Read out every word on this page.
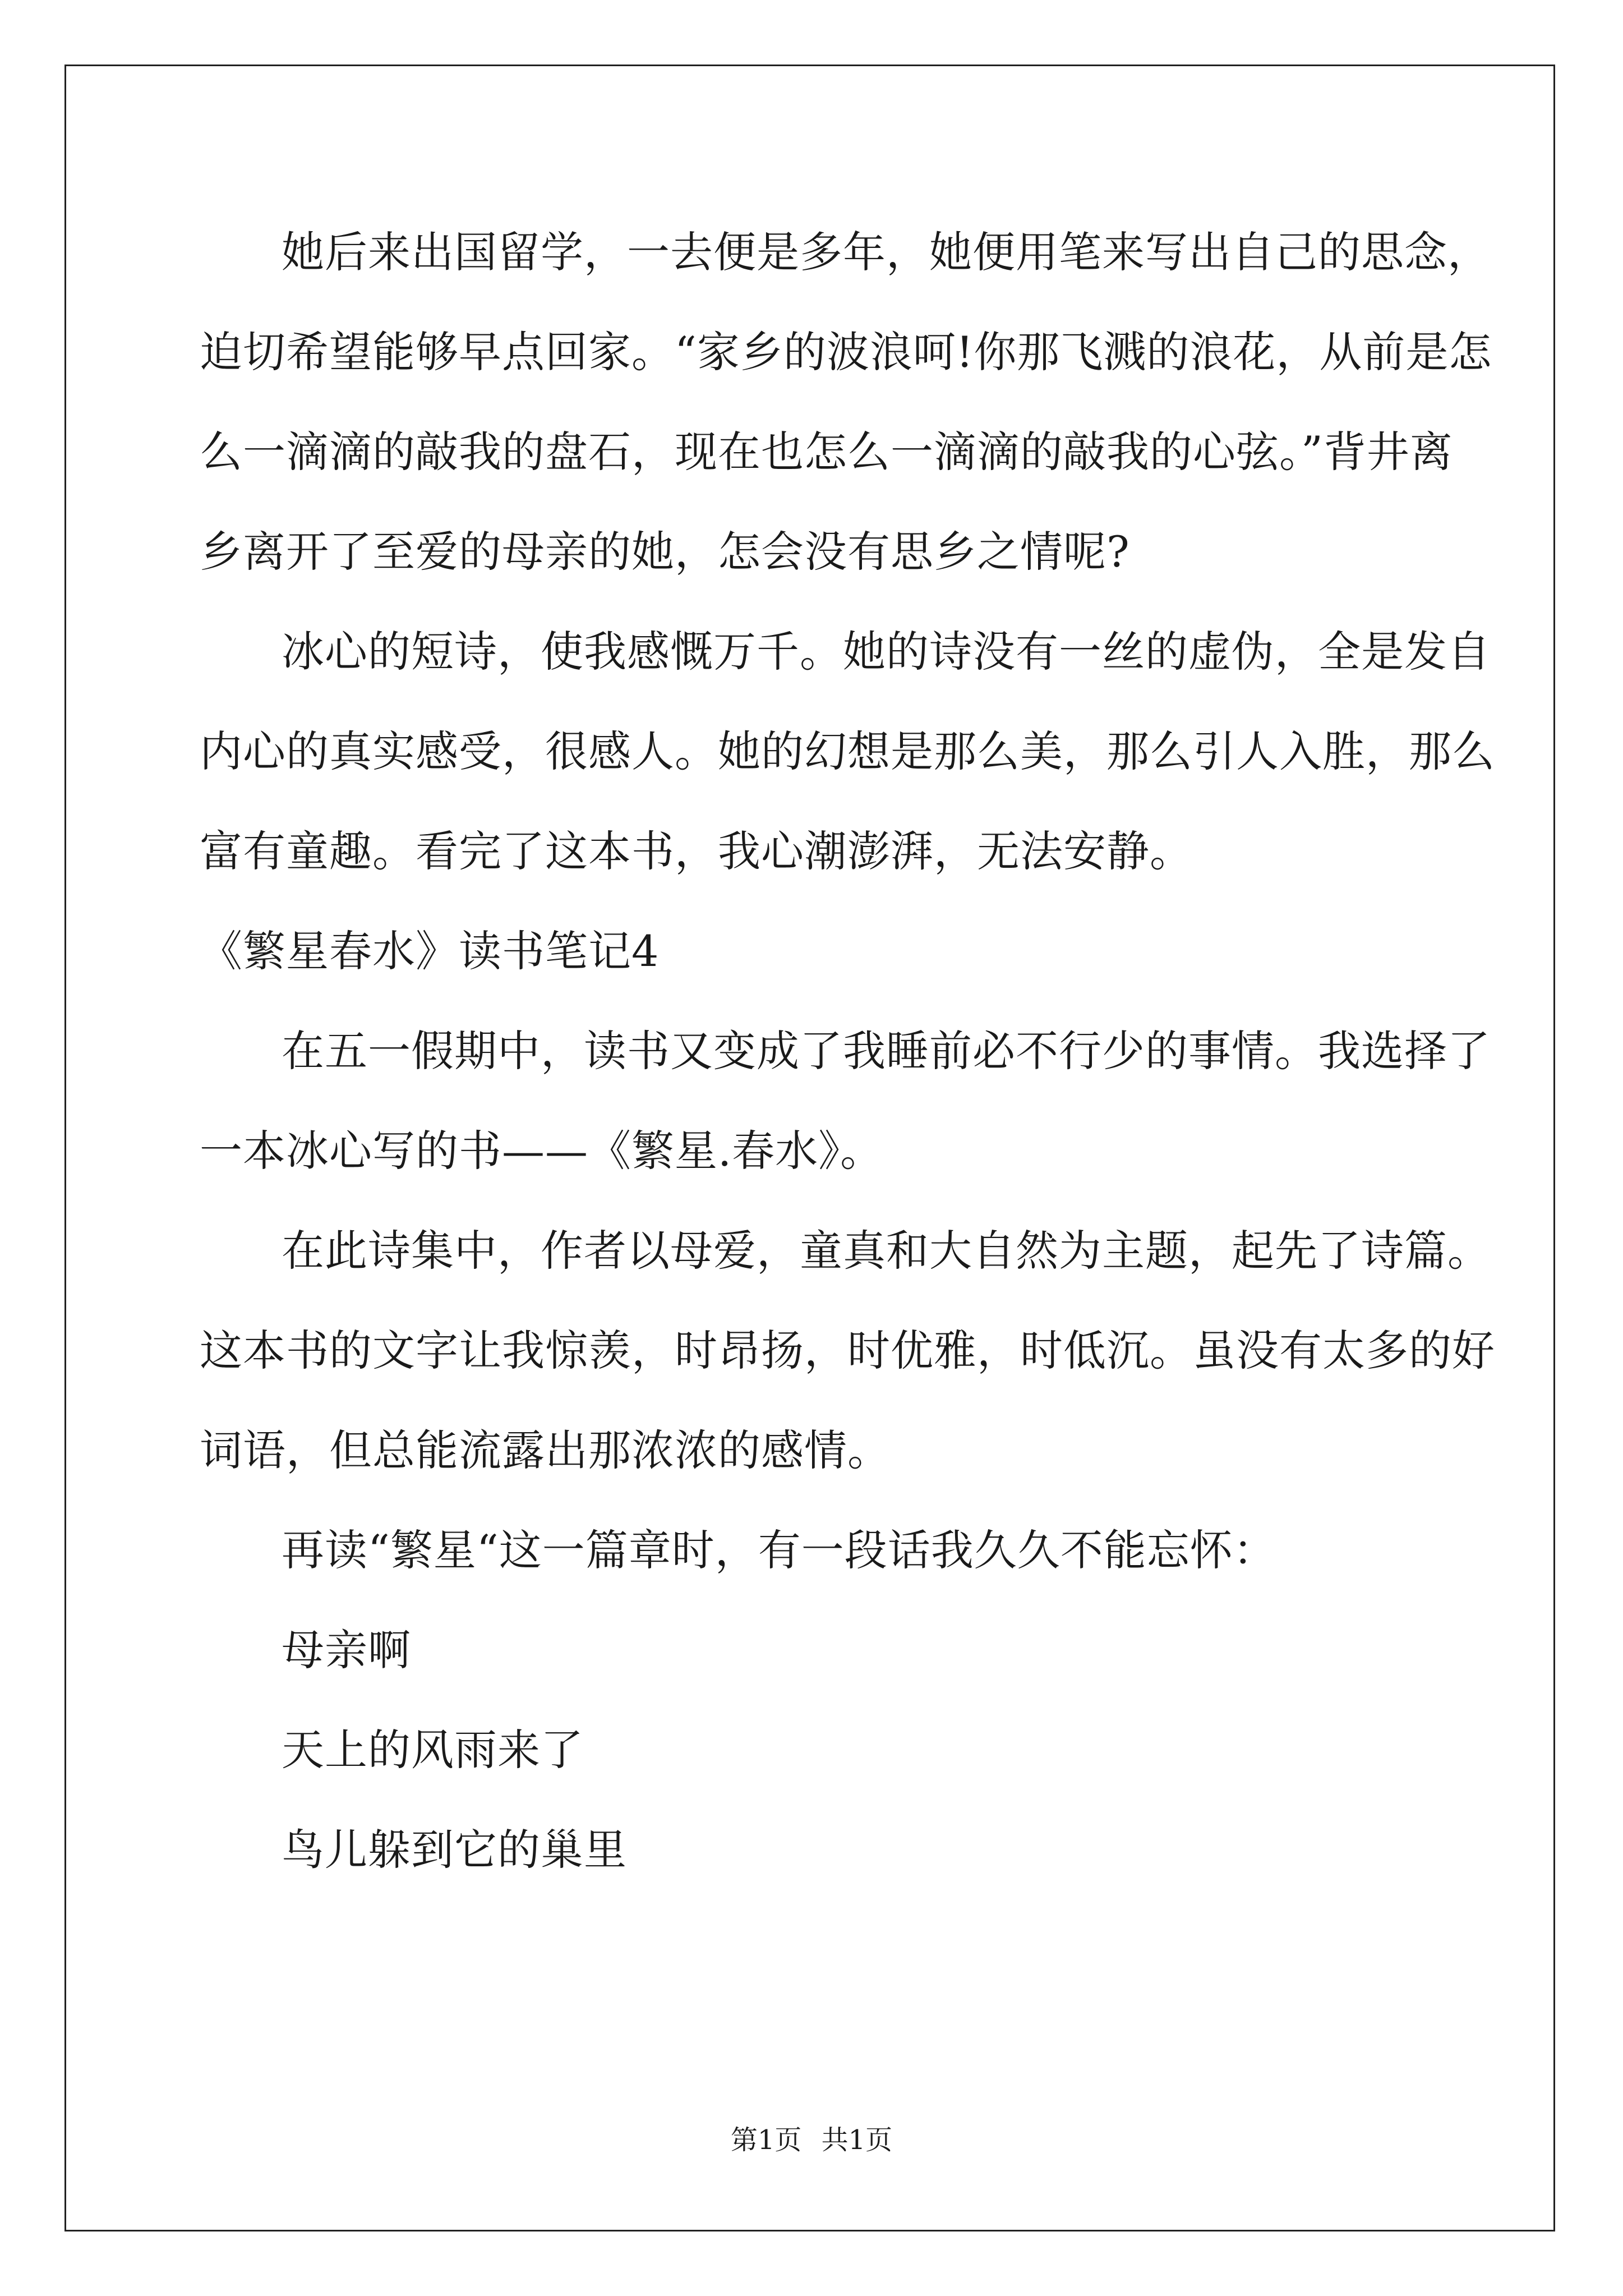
她后来出国留学，一去便是多年，她便用笔来写出自己的思念，
迫切希望能够早点回家。“家乡的波浪呵!你那飞溅的浪花，从前是怎
么一滴滴的敲我的盘石，现在也怎么一滴滴的敲我的心弦。”背井离
乡离开了至爱的母亲的她，怎会没有思乡之情呢?
冰心的短诗，使我感慨万千。她的诗没有一丝的虚伪，全是发自
内心的真实感受，很感人。她的幻想是那么美，那么引人入胜，那么
富有童趣。看完了这本书，我心潮澎湃，无法安静。
《繁星春水》读书笔记4
在五一假期中，读书又变成了我睡前必不行少的事情。我选择了
一本冰心写的书——《繁星.春水》。
在此诗集中，作者以母爱，童真和大自然为主题，起先了诗篇。
这本书的文字让我惊羡，时昂扬，时优雅，时低沉。虽没有太多的好
词语，但总能流露出那浓浓的感情。
再读“繁星“这一篇章时，有一段话我久久不能忘怀：
母亲啊
天上的风雨来了
鸟儿躲到它的巢里
第1页 共1页
